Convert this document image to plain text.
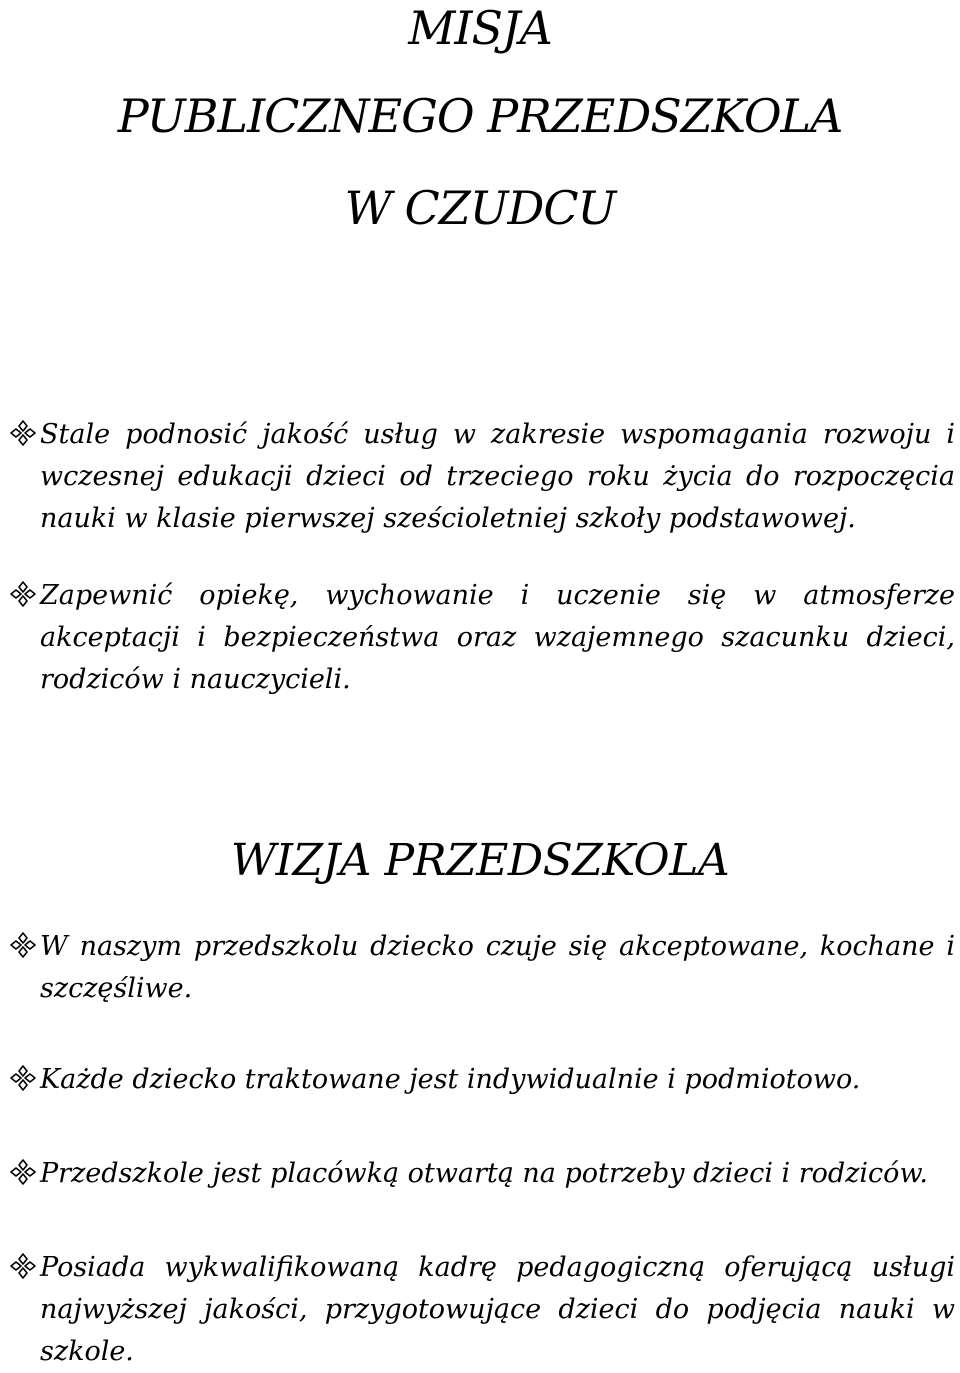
MISJA
PUBLICZNEGO PRZEDSZKOLA
W CZUDCU

Stale podnosić jakość usług w zakresie wspomagania rozwoju i wczesnej edukacji dzieci od trzeciego roku życia do rozpoczęcia nauki w klasie pierwszej sześcioletniej szkoły podstawowej.

Zapewnić opiekę, wychowanie i uczenie się w atmosferze akceptacji i bezpieczeństwa oraz wzajemnego szacunku dzieci, rodziców i nauczycieli.

WIZJA PRZEDSZKOLA

W naszym przedszkolu dziecko czuje się akceptowane, kochane i szczęśliwe.

Każde dziecko traktowane jest indywidualnie i podmiotowo.

Przedszkole jest placówką otwartą na potrzeby dzieci i rodziców.

Posiada wykwalifikowaną kadrę pedagogiczną oferującą usługi najwyższej jakości, przygotowujące dzieci do podjęcia nauki w szkole.
